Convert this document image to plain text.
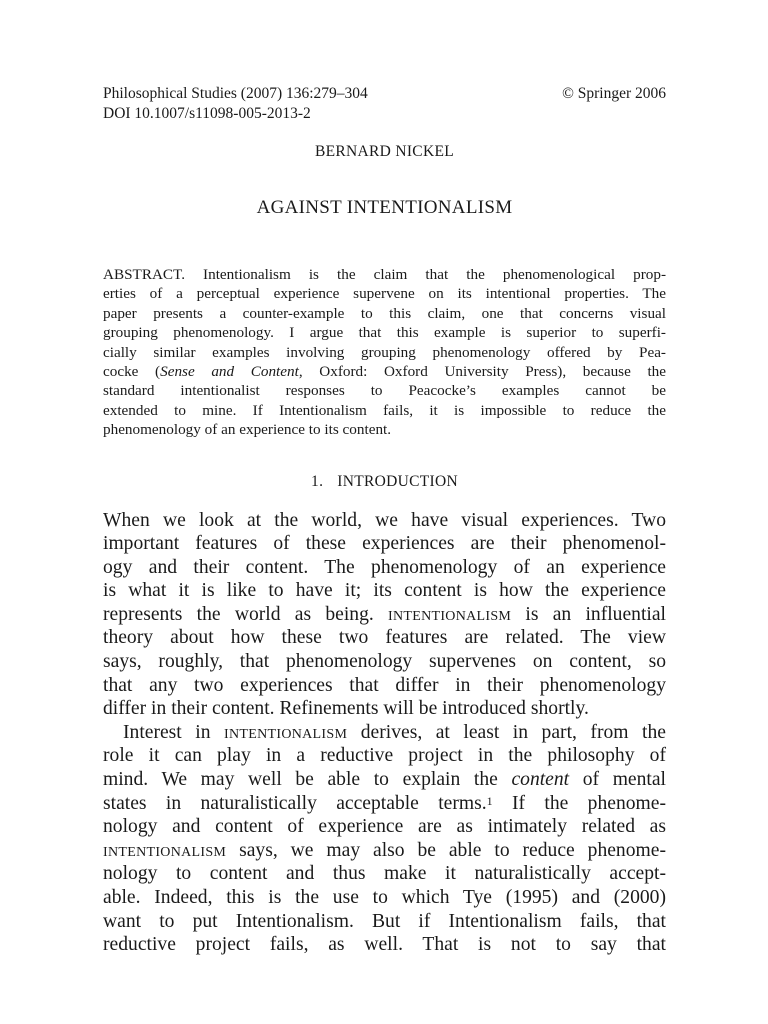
Philosophical Studies (2007) 136:279–304	© Springer 2006
DOI 10.1007/s11098-005-2013-2
BERNARD NICKEL
AGAINST INTENTIONALISM
ABSTRACT. Intentionalism is the claim that the phenomenological prop-
erties of a perceptual experience supervene on its intentional properties. The
paper presents a counter-example to this claim, one that concerns visual
grouping phenomenology. I argue that this example is superior to superfi-
cially similar examples involving grouping phenomenology offered by Pea-
cocke (Sense and Content, Oxford: Oxford University Press), because the
standard intentionalist responses to Peacocke’s examples cannot be
extended to mine. If Intentionalism fails, it is impossible to reduce the
phenomenology of an experience to its content.
1. INTRODUCTION
When we look at the world, we have visual experiences. Two
important features of these experiences are their phenomenol-
ogy and their content. The phenomenology of an experience
is what it is like to have it; its content is how the experience
represents the world as being. intentionalism is an influential
theory about how these two features are related. The view
says, roughly, that phenomenology supervenes on content, so
that any two experiences that differ in their phenomenology
differ in their content. Refinements will be introduced shortly.
Interest in intentionalism derives, at least in part, from the
role it can play in a reductive project in the philosophy of
mind. We may well be able to explain the content of mental
states in naturalistically acceptable terms.$^1$ If the phenome-
nology and content of experience are as intimately related as
intentionalism says, we may also be able to reduce phenome-
nology to content and thus make it naturalistically accept-
able. Indeed, this is the use to which Tye (1995) and (2000)
want to put Intentionalism. But if Intentionalism fails, that
reductive project fails, as well. That is not to say that
